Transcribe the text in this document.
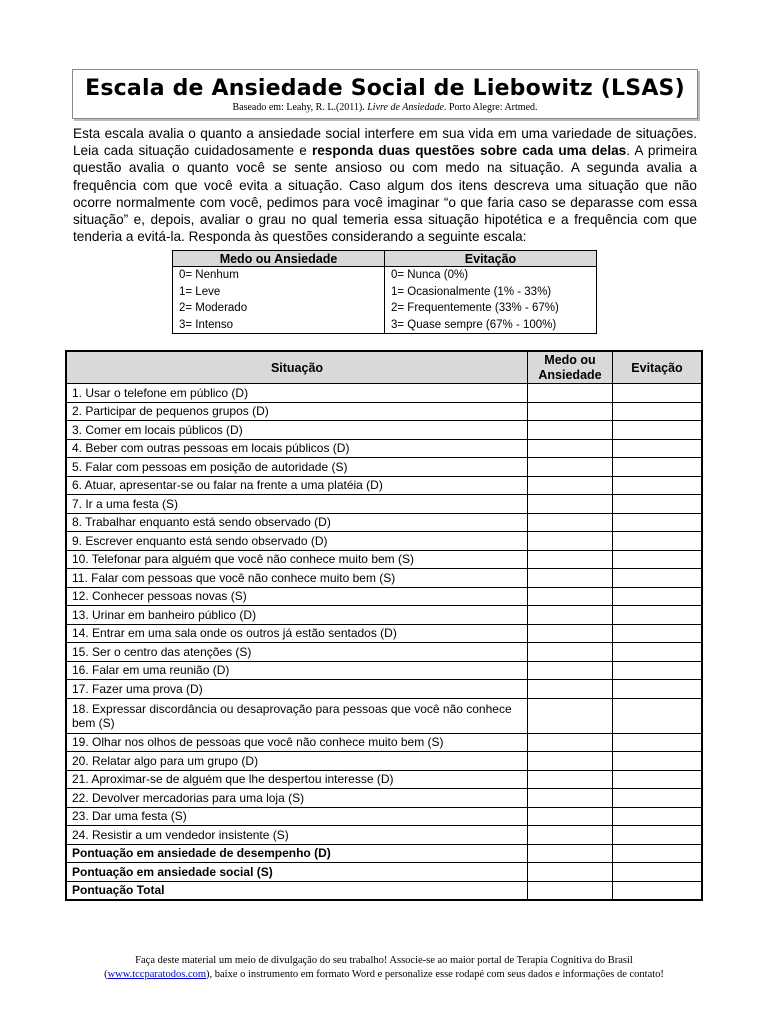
Escala de Ansiedade Social de Liebowitz (LSAS)
Baseado em: Leahy, R. L.(2011). Livre de Ansiedade. Porto Alegre: Artmed.
Esta escala avalia o quanto a ansiedade social interfere em sua vida em uma variedade de situações. Leia cada situação cuidadosamente e responda duas questões sobre cada uma delas. A primeira questão avalia o quanto você se sente ansioso ou com medo na situação. A segunda avalia a frequência com que você evita a situação. Caso algum dos itens descreva uma situação que não ocorre normalmente com você, pedimos para você imaginar “o que faria caso se deparasse com essa situação” e, depois, avaliar o grau no qual temeria essa situação hipotética e a frequência com que tenderia a evitá-la. Responda às questões considerando a seguinte escala:
Medo ou Ansiedade	Evitação
0= Nenhum	0= Nunca (0%)
1= Leve	1= Ocasionalmente (1% - 33%)
2= Moderado	2= Frequentemente (33% - 67%)
3= Intenso	3= Quase sempre (67% - 100%)
Situação	Medo ou Ansiedade	Evitação
1. Usar o telefone em público (D)		
2. Participar de pequenos grupos (D)		
3. Comer em locais públicos (D)		
4. Beber com outras pessoas em locais públicos (D)		
5. Falar com pessoas em posição de autoridade (S)		
6. Atuar, apresentar-se ou falar na frente a uma platéia (D)		
7. Ir a uma festa (S)		
8. Trabalhar enquanto está sendo observado (D)		
9. Escrever enquanto está sendo observado (D)		
10. Telefonar para alguém que você não conhece muito bem (S)		
11. Falar com pessoas que você não conhece muito bem (S)		
12. Conhecer pessoas novas (S)		
13. Urinar em banheiro público (D)		
14. Entrar em uma sala onde os outros já estão sentados (D)		
15. Ser o centro das atenções (S)		
16. Falar em uma reunião (D)		
17. Fazer uma prova (D)		
18. Expressar discordância ou desaprovação para pessoas que você não conhece bem (S)		
19. Olhar nos olhos de pessoas que você não conhece muito bem (S)		
20. Relatar algo para um grupo (D)		
21. Aproximar-se de alguém que lhe despertou interesse (D)		
22. Devolver mercadorias para uma loja (S)		
23. Dar uma festa (S)		
24. Resistir a um vendedor insistente (S)		
Pontuação em ansiedade de desempenho (D)		
Pontuação em ansiedade social (S)		
Pontuação Total		
Faça deste material um meio de divulgação do seu trabalho! Associe-se ao maior portal de Terapia Cognitiva do Brasil
(www.tccparatodos.com), baixe o instrumento em formato Word e personalize esse rodapé com seus dados e informações de contato!
